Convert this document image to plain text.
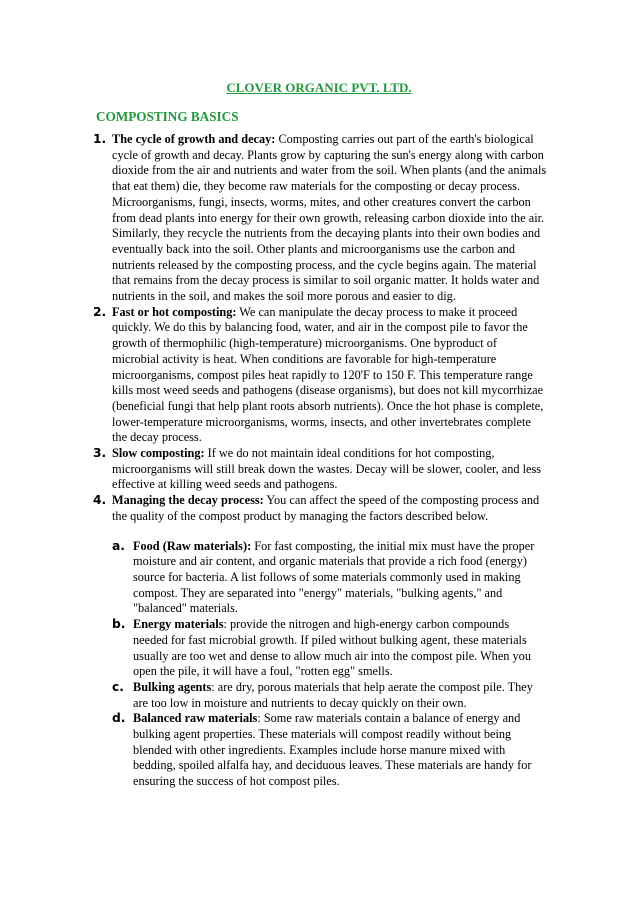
CLOVER ORGANIC PVT. LTD.
COMPOSTING BASICS
1. The cycle of growth and decay: Composting carries out part of the earth's biological cycle of growth and decay. Plants grow by capturing the sun's energy along with carbon dioxide from the air and nutrients and water from the soil. When plants (and the animals that eat them) die, they become raw materials for the composting or decay process. Microorganisms, fungi, insects, worms, mites, and other creatures convert the carbon from dead plants into energy for their own growth, releasing carbon dioxide into the air. Similarly, they recycle the nutrients from the decaying plants into their own bodies and eventually back into the soil. Other plants and microorganisms use the carbon and nutrients released by the composting process, and the cycle begins again. The material that remains from the decay process is similar to soil organic matter. It holds water and nutrients in the soil, and makes the soil more porous and easier to dig.
2. Fast or hot composting: We can manipulate the decay process to make it proceed quickly. We do this by balancing food, water, and air in the compost pile to favor the growth of thermophilic (high-temperature) microorganisms. One byproduct of microbial activity is heat. When conditions are favorable for high-temperature microorganisms, compost piles heat rapidly to 120'F to 150 F. This temperature range kills most weed seeds and pathogens (disease organisms), but does not kill mycorrhizae (beneficial fungi that help plant roots absorb nutrients). Once the hot phase is complete, lower-temperature microorganisms, worms, insects, and other invertebrates complete the decay process.
3. Slow composting: If we do not maintain ideal conditions for hot composting, microorganisms will still break down the wastes. Decay will be slower, cooler, and less effective at killing weed seeds and pathogens.
4. Managing the decay process: You can affect the speed of the composting process and the quality of the compost product by managing the factors described below.
a. Food (Raw materials): For fast composting, the initial mix must have the proper moisture and air content, and organic materials that provide a rich food (energy) source for bacteria. A list follows of some materials commonly used in making compost. They are separated into "energy" materials, "bulking agents," and "balanced" materials.
b. Energy materials: provide the nitrogen and high-energy carbon compounds needed for fast microbial growth. If piled without bulking agent, these materials usually are too wet and dense to allow much air into the compost pile. When you open the pile, it will have a foul, "rotten egg" smells.
c. Bulking agents: are dry, porous materials that help aerate the compost pile. They are too low in moisture and nutrients to decay quickly on their own.
d. Balanced raw materials: Some raw materials contain a balance of energy and bulking agent properties. These materials will compost readily without being blended with other ingredients. Examples include horse manure mixed with bedding, spoiled alfalfa hay, and deciduous leaves. These materials are handy for ensuring the success of hot compost piles.
